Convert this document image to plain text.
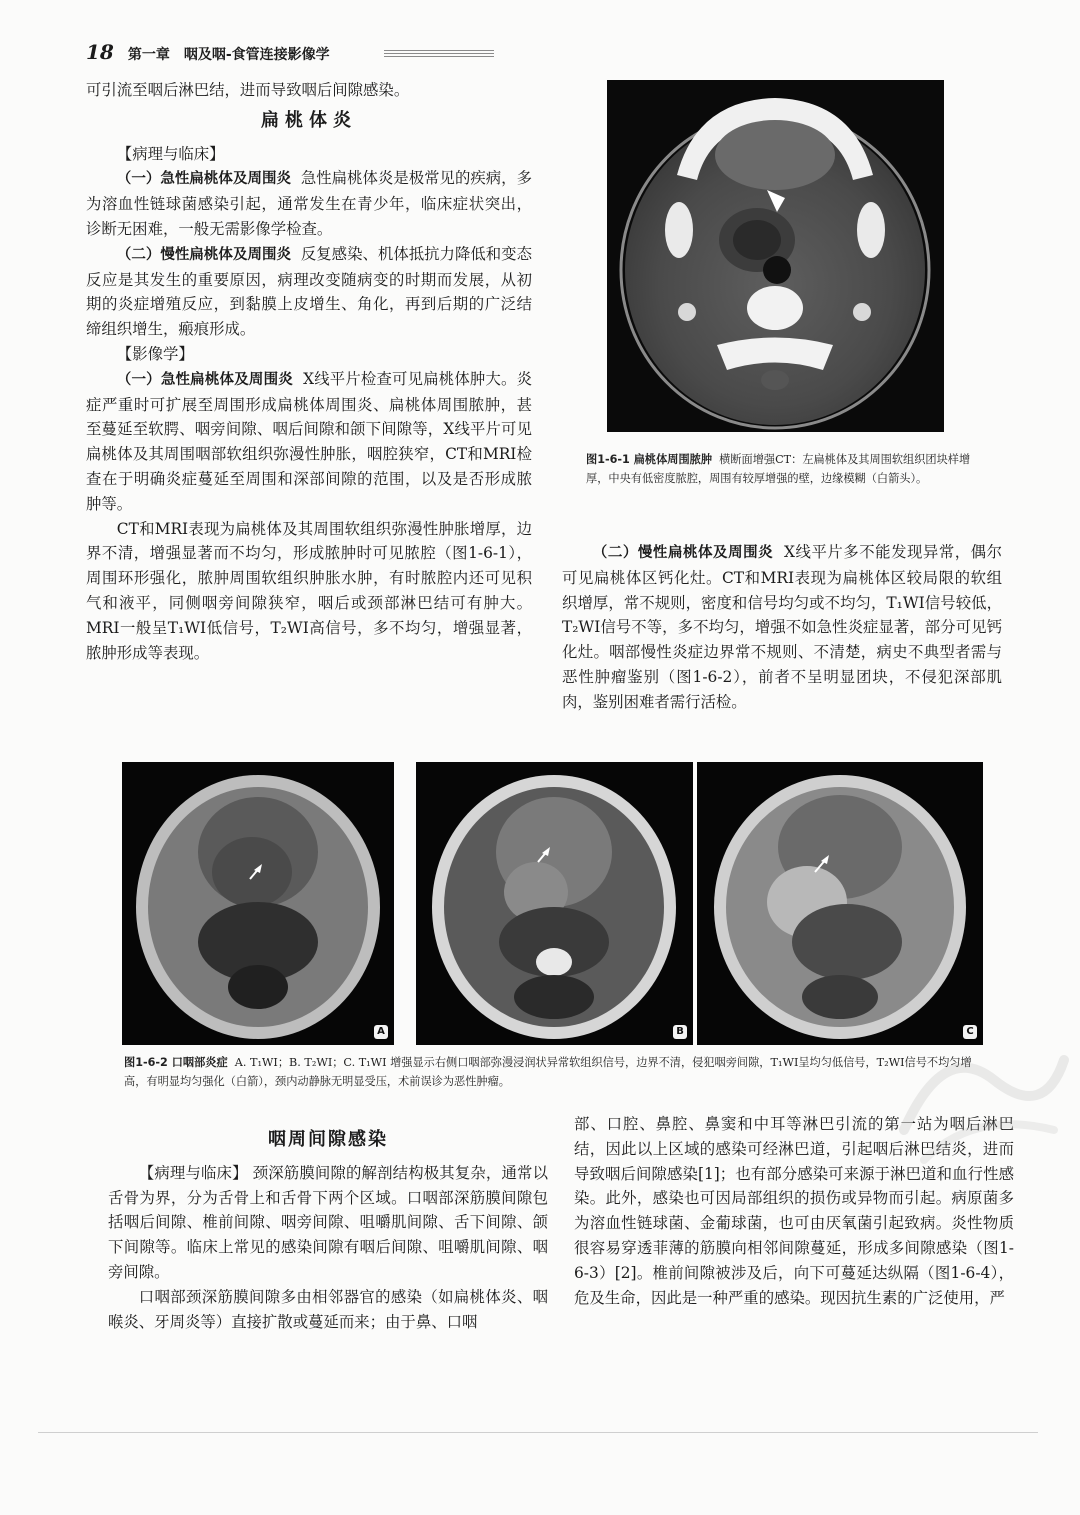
18 第一章 咽及咽-食管连接影像学

可引流至咽后淋巴结，进而导致咽后间隙感染。

扁桃体炎

【病理与临床】

（一）急性扁桃体及周围炎 急性扁桃体炎是极常见的疾病，多为溶血性链球菌感染引起，通常发生在青少年，临床症状突出，诊断无困难，一般无需影像学检查。

（二）慢性扁桃体及周围炎 反复感染、机体抵抗力降低和变态反应是其发生的重要原因，病理改变随病变的时期而发展，从初期的炎症增殖反应，到黏膜上皮增生、角化，再到后期的广泛结缔组织增生，瘢痕形成。

【影像学】

（一）急性扁桃体及周围炎 X线平片检查可见扁桃体肿大。炎症严重时可扩展至周围形成扁桃体周围炎、扁桃体周围脓肿，甚至蔓延至软腭、咽旁间隙、咽后间隙和颌下间隙等，X线平片可见扁桃体及其周围咽部软组织弥漫性肿胀，咽腔狭窄，CT和MRI检查在于明确炎症蔓延至周围和深部间隙的范围，以及是否形成脓肿等。

CT和MRI表现为扁桃体及其周围软组织弥漫性肿胀增厚，边界不清，增强显著而不均匀，形成脓肿时可见脓腔（图1-6-1），周围环形强化，脓肿周围软组织肿胀水肿，有时脓腔内还可见积气和液平，同侧咽旁间隙狭窄，咽后或颈部淋巴结可有肿大。MRI一般呈T₁WI低信号，T₂WI高信号，多不均匀，增强显著，脓肿形成等表现。

图1-6-1 扁桃体周围脓肿 横断面增强CT：左扁桃体及其周围软组织团块样增厚，中央有低密度脓腔，周围有较厚增强的壁，边缘模糊（白箭头）。

（二）慢性扁桃体及周围炎 X线平片多不能发现异常，偶尔可见扁桃体区钙化灶。CT和MRI表现为扁桃体区较局限的软组织增厚，常不规则，密度和信号均匀或不均匀，T₁WI信号较低，T₂WI信号不等，多不均匀，增强不如急性炎症显著，部分可见钙化灶。咽部慢性炎症边界常不规则、不清楚，病史不典型者需与恶性肿瘤鉴别（图1-6-2），前者不呈明显团块，不侵犯深部肌肉，鉴别困难者需行活检。

A	B	C
图1-6-2 口咽部炎症 A. T₁WI；B. T₂WI；C. T₁WI 增强显示右侧口咽部弥漫浸润状异常软组织信号，边界不清，侵犯咽旁间隙，T₁WI呈均匀低信号，T₂WI信号不均匀增高，有明显均匀强化（白箭），颈内动静脉无明显受压，术前误诊为恶性肿瘤。
咽周间隙感染

【病理与临床】 颈深筋膜间隙的解剖结构极其复杂，通常以舌骨为界，分为舌骨上和舌骨下两个区域。口咽部深筋膜间隙包括咽后间隙、椎前间隙、咽旁间隙、咀嚼肌间隙、舌下间隙、颌下间隙等。临床上常见的感染间隙有咽后间隙、咀嚼肌间隙、咽旁间隙。

口咽部颈深筋膜间隙多由相邻器官的感染（如扁桃体炎、咽喉炎、牙周炎等）直接扩散或蔓延而来；由于鼻、口咽

部、口腔、鼻腔、鼻窦和中耳等淋巴引流的第一站为咽后淋巴结，因此以上区域的感染可经淋巴道，引起咽后淋巴结炎，进而导致咽后间隙感染[1]；也有部分感染可来源于淋巴道和血行性感染。此外，感染也可因局部组织的损伤或异物而引起。病原菌多为溶血性链球菌、金葡球菌，也可由厌氧菌引起致病。炎性物质很容易穿透菲薄的筋膜向相邻间隙蔓延，形成多间隙感染（图1-6-3）[2]。椎前间隙被涉及后，向下可蔓延达纵隔（图1-6-4），危及生命，因此是一种严重的感染。现因抗生素的广泛使用，严
